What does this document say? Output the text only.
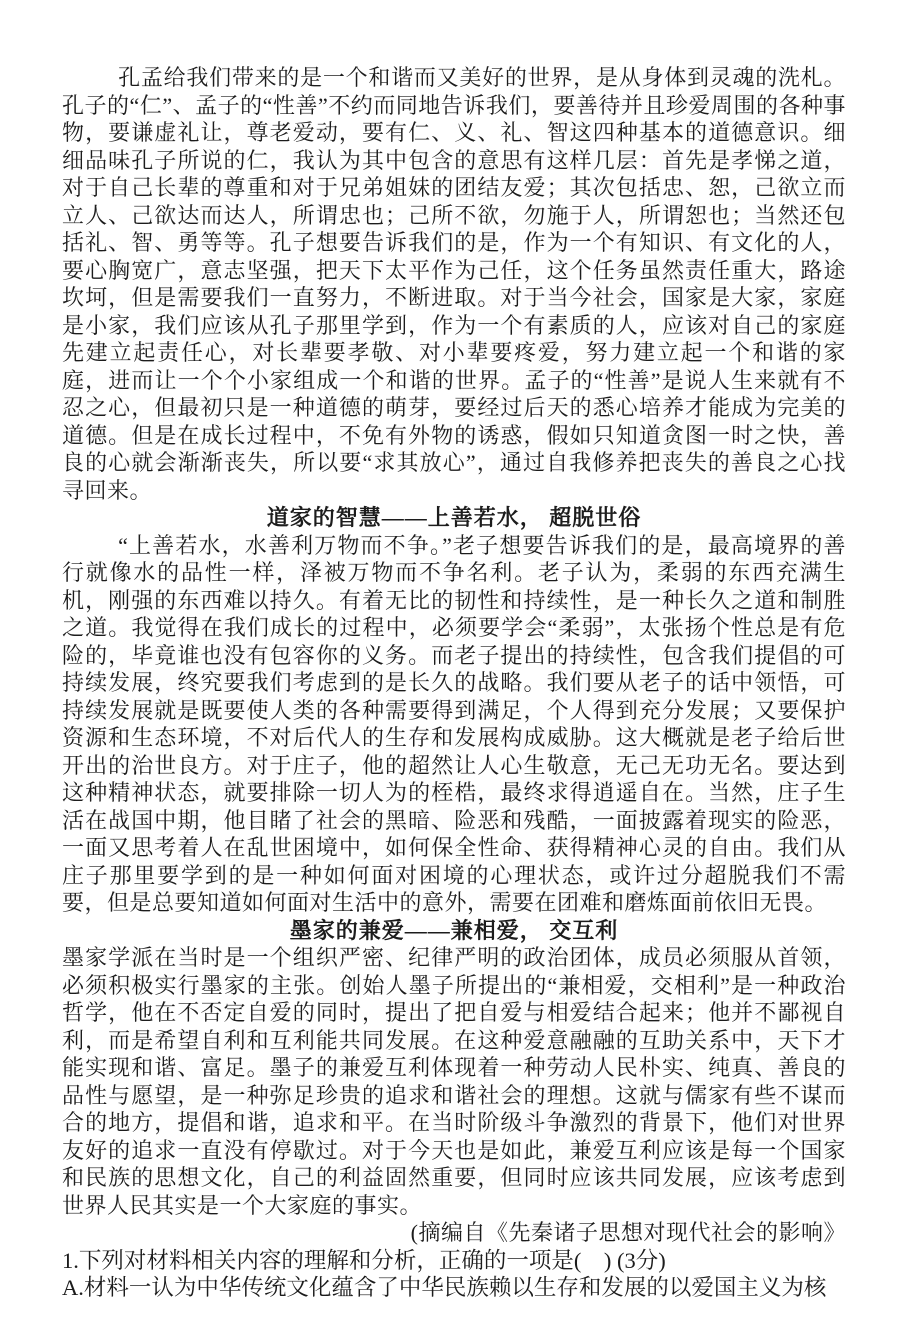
孔孟给我们带来的是一个和谐而又美好的世界，是从身体到灵魂的洗札。孔子的“仁”、孟子的“性善”不约而同地告诉我们，要善待并且珍爱周围的各种事物，要谦虚礼让，尊老爱动，要有仁、义、礼、智这四种基本的道德意识。细细品味孔子所说的仁，我认为其中包含的意思有这样几层：首先是孝悌之道，对于自己长辈的尊重和对于兄弟姐妹的团结友爱；其次包括忠、恕，己欲立而立人、己欲达而达人，所谓忠也；己所不欲，勿施于人，所谓恕也；当然还包括礼、智、勇等等。孔子想要告诉我们的是，作为一个有知识、有文化的人，要心胸宽广，意志坚强，把天下太平作为己任，这个任务虽然责任重大，路途坎坷，但是需要我们一直努力，不断进取。对于当今社会，国家是大家，家庭是小家，我们应该从孔子那里学到，作为一个有素质的人，应该对自己的家庭先建立起责任心，对长辈要孝敬、对小辈要疼爱，努力建立起一个和谐的家庭，进而让一个个小家组成一个和谐的世界。孟子的“性善”是说人生来就有不忍之心，但最初只是一种道德的萌芽，要经过后天的悉心培养才能成为完美的道德。但是在成长过程中，不免有外物的诱惑，假如只知道贪图一时之快，善良的心就会渐渐丧失，所以要“求其放心”，通过自我修养把丧失的善良之心找寻回来。

道家的智慧——上善若水， 超脱世俗

“上善若水，水善利万物而不争。”老子想要告诉我们的是，最高境界的善行就像水的品性一样，泽被万物而不争名利。老子认为，柔弱的东西充满生机，刚强的东西难以持久。有着无比的韧性和持续性，是一种长久之道和制胜之道。我觉得在我们成长的过程中，必须要学会“柔弱”，太张扬个性总是有危险的，毕竟谁也没有包容你的义务。而老子提出的持续性，包含我们提倡的可持续发展，终究要我们考虑到的是长久的战略。我们要从老子的话中领悟，可持续发展就是既要使人类的各种需要得到满足，个人得到充分发展；又要保护资源和生态环境，不对后代人的生存和发展构成威胁。这大概就是老子给后世开出的治世良方。对于庄子，他的超然让人心生敬意，无己无功无名。要达到这种精神状态，就要排除一切人为的桎梏，最终求得逍遥自在。当然，庄子生活在战国中期，他目睹了社会的黑暗、险恶和残酷，一面披露着现实的险恶，一面又思考着人在乱世困境中，如何保全性命、获得精神心灵的自由。我们从庄子那里要学到的是一种如何面对困境的心理状态，或许过分超脱我们不需要，但是总要知道如何面对生活中的意外，需要在团难和磨炼面前依旧无畏。

墨家的兼爱——兼相爱， 交互利

墨家学派在当时是一个组织严密、纪律严明的政治团体，成员必须服从首领，必须积极实行墨家的主张。创始人墨子所提出的“兼相爱，交相利”是一种政治哲学，他在不否定自爱的同时，提出了把自爱与相爱结合起来；他并不鄙视自利，而是希望自利和互利能共同发展。在这种爱意融融的互助关系中，天下才能实现和谐、富足。墨子的兼爱互利体现着一种劳动人民朴实、纯真、善良的品性与愿望，是一种弥足珍贵的追求和谐社会的理想。这就与儒家有些不谋而合的地方，提倡和谐，追求和平。在当时阶级斗争激烈的背景下，他们对世界友好的追求一直没有停歇过。对于今天也是如此，兼爱互利应该是每一个国家和民族的思想文化，自己的利益固然重要，但同时应该共同发展，应该考虑到世界人民其实是一个大家庭的事实。

(摘编自《先秦诸子思想对现代社会的影响》

1.下列对材料相关内容的理解和分析，正确的一项是(　) (3分)

A.材料一认为中华传统文化蕴含了中华民族赖以生存和发展的以爱国主义为核
